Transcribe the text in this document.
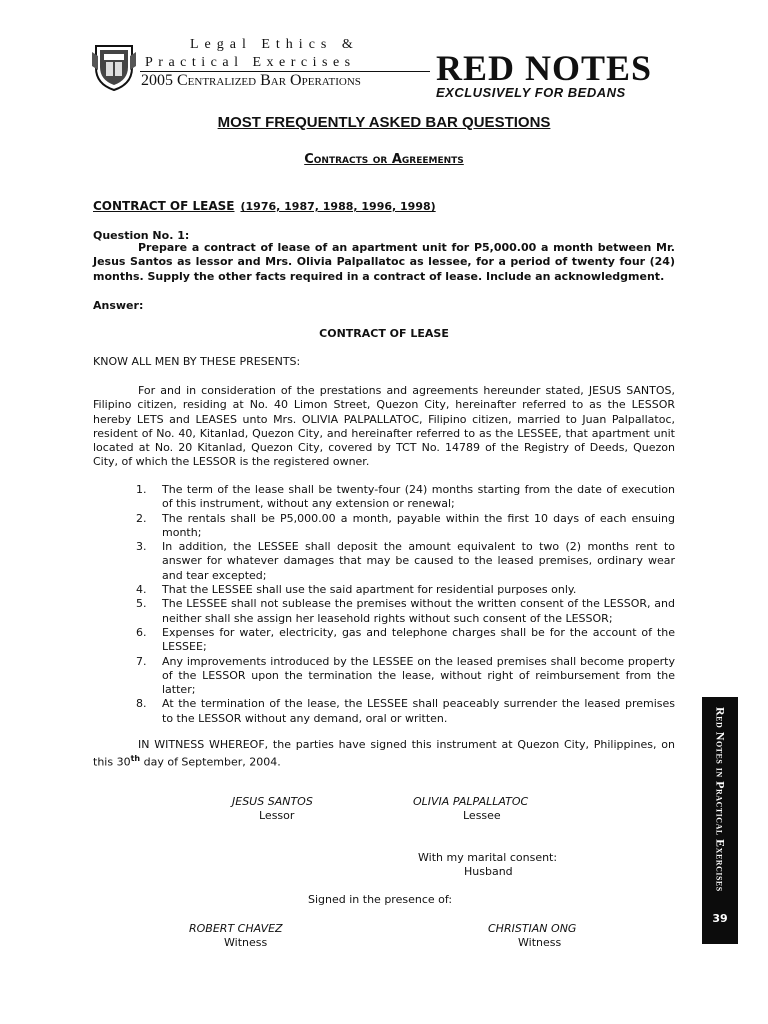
Legal Ethics &
Practical Exercises
2005 Centralized Bar Operations RED NOTES
EXCLUSIVELY FOR BEDANS
MOST FREQUENTLY ASKED BAR QUESTIONS
Contracts or Agreements
CONTRACT OF LEASE (1976, 1987, 1988, 1996, 1998)
Question No. 1:
Prepare a contract of lease of an apartment unit for P5,000.00 a month between Mr. Jesus Santos as lessor and Mrs. Olivia Palpallatoc as lessee, for a period of twenty four (24) months. Supply the other facts required in a contract of lease. Include an acknowledgment.
Answer:
CONTRACT OF LEASE
KNOW ALL MEN BY THESE PRESENTS:

For and in consideration of the prestations and agreements hereunder stated, JESUS SANTOS, Filipino citizen, residing at No. 40 Limon Street, Quezon City, hereinafter referred to as the LESSOR hereby LETS and LEASES unto Mrs. OLIVIA PALPALLATOC, Filipino citizen, married to Juan Palpallatoc, resident of No. 40, Kitanlad, Quezon City, and hereinafter referred to as the LESSEE, that apartment unit located at No. 20 Kitanlad, Quezon City, covered by TCT No. 14789 of the Registry of Deeds, Quezon City, of which the LESSOR is the registered owner.

1.	The term of the lease shall be twenty-four (24) months starting from the date of execution of this instrument, without any extension or renewal;
2.	The rentals shall be P5,000.00 a month, payable within the first 10 days of each ensuing month;
3.	In addition, the LESSEE shall deposit the amount equivalent to two (2) months rent to answer for whatever damages that may be caused to the leased premises, ordinary wear and tear excepted;
4.	That the LESSEE shall use the said apartment for residential purposes only.
5.	The LESSEE shall not sublease the premises without the written consent of the LESSOR, and neither shall she assign her leasehold rights without such consent of the LESSOR;
6.	Expenses for water, electricity, gas and telephone charges shall be for the account of the LESSEE;
7.	Any improvements introduced by the LESSEE on the leased premises shall become property of the LESSOR upon the termination the lease, without right of reimbursement from the latter;
8.	At the termination of the lease, the LESSEE shall peaceably surrender the leased premises to the LESSOR without any demand, oral or written.

IN WITNESS WHEREOF, the parties have signed this instrument at Quezon City, Philippines, on this 30th day of September, 2004.

JESUS SANTOS
Lessor
OLIVIA PALPALLATOC
Lessee
With my marital consent:
Husband
Signed in the presence of:
ROBERT CHAVEZ
Witness
CHRISTIAN ONG
Witness
Red Notes in Practical Exercises
39
